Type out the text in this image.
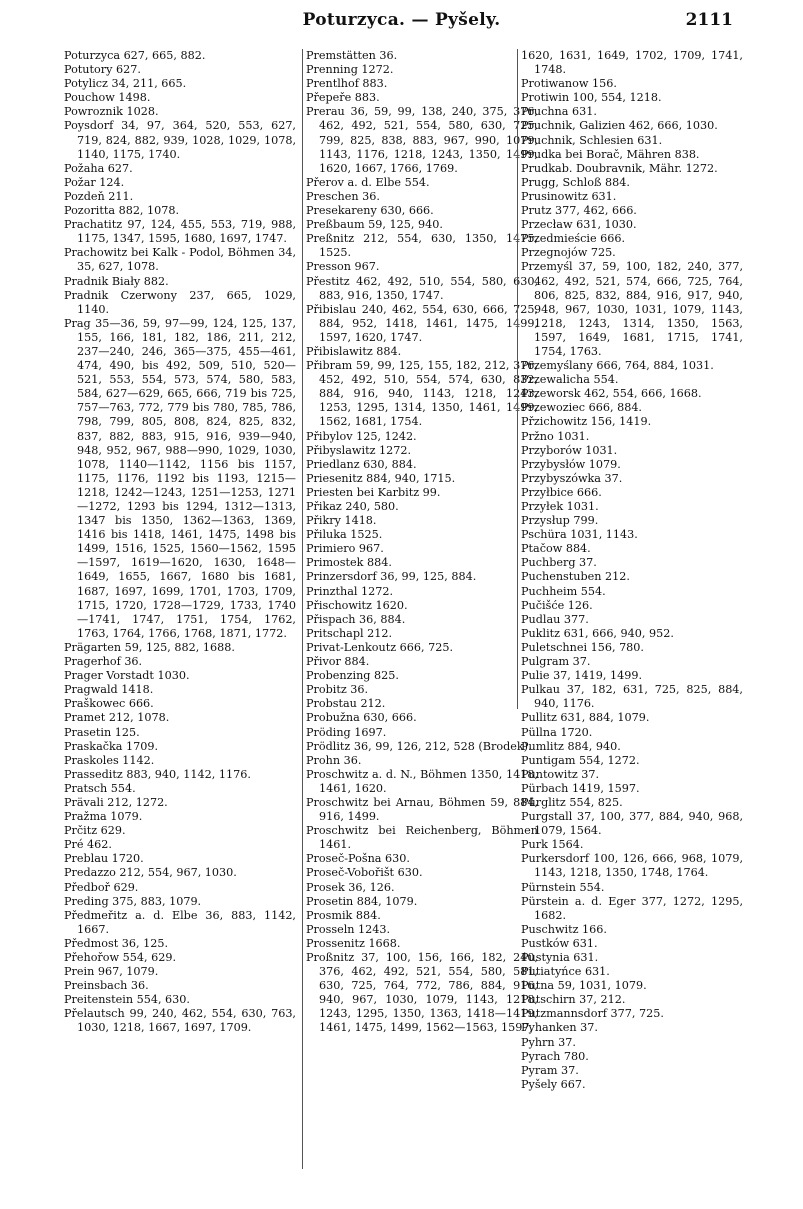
Poturzyca. — Pyšely.	2111

Poturzyca 627, 665, 882.

Potutory 627.

Potylicz 34, 211, 665.

Pouchow 1498.

Powroznik 1028.

Poysdorf 34, 97, 364, 520, 553, 627, 719, 824, 882, 939, 1028, 1029, 1078, 1140, 1175, 1740.

Požaha 627.

Požar 124.

Pozdeň 211.

Pozoritta 882, 1078.

Prachatitz 97, 124, 455, 553, 719, 988, 1175, 1347, 1595, 1680, 1697, 1747.

Prachowitz bei Kalk - Podol, Böhmen 34, 35, 627, 1078.

Pradnik Biały 882.

Pradnik Czerwony 237, 665, 1029, 1140.

Prag 35—36, 59, 97—99, 124, 125, 137, 155, 166, 181, 182, 186, 211, 212, 237—240, 246, 365—375, 455—461, 474, 490, bis 492, 509, 510, 520—521, 553, 554, 573, 574, 580, 583, 584, 627—629, 665, 666, 719 bis 725, 757—763, 772, 779 bis 780, 785, 786, 798, 799, 805, 808, 824, 825, 832, 837, 882, 883, 915, 916, 939—940, 948, 952, 967, 988—990, 1029, 1030, 1078, 1140—1142, 1156 bis 1157, 1175, 1176, 1192 bis 1193, 1215—1218, 1242—1243, 1251—1253, 1271—1272, 1293 bis 1294, 1312—1313, 1347 bis 1350, 1362—1363, 1369, 1416 bis 1418, 1461, 1475, 1498 bis 1499, 1516, 1525, 1560—1562, 1595 —1597, 1619—1620, 1630, 1648—1649, 1655, 1667, 1680 bis 1681, 1687, 1697, 1699, 1701, 1703, 1709, 1715, 1720, 1728—1729, 1733, 1740—1741, 1747, 1751, 1754, 1762, 1763, 1764, 1766, 1768, 1871, 1772.

Prägarten 59, 125, 882, 1688.

Pragerhof 36.

Prager Vorstadt 1030.

Pragwald 1418.

Praškowec 666.

Pramet 212, 1078.

Prasetin 125.

Praskačka 1709.

Praskoles 1142.

Prasseditz 883, 940, 1142, 1176.

Pratsch 554.

Prävali 212, 1272.

Pražma 1079.

Prčitz 629.

Pré 462.

Preblau 1720.

Predazzo 212, 554, 967, 1030.

Předboř 629.

Preding 375, 883, 1079.

Předmeřitz a. d. Elbe 36, 883, 1142, 1667.

Předmost 36, 125.

Přehořow 554, 629.

Prein 967, 1079.

Preinsbach 36.

Preitenstein 554, 630.

Přelautsch 99, 240, 462, 554, 630, 763, 1030, 1218, 1667, 1697, 1709.

Premstätten 36.

Prenning 1272.

Prentlhof 883.

Přepeře 883.

Prerau 36, 59, 99, 138, 240, 375, 376, 462, 492, 521, 554, 580, 630, 725, 799, 825, 838, 883, 967, 990, 1079, 1143, 1176, 1218, 1243, 1350, 1499, 1620, 1667, 1766, 1769.

Přerov a. d. Elbe 554.

Preschen 36.

Presekareny 630, 666.

Preßbaum 59, 125, 940.

Preßnitz 212, 554, 630, 1350, 1475, 1525.

Presson 967.

Přestitz 462, 492, 510, 554, 580, 630, 883, 916, 1350, 1747.

Přibislau 240, 462, 554, 630, 666, 725, 884, 952, 1418, 1461, 1475, 1499, 1597, 1620, 1747.

Přibislawitz 884.

Přibram 59, 99, 125, 155, 182, 212, 376, 452, 492, 510, 554, 574, 630, 832, 884, 916, 940, 1143, 1218, 1243, 1253, 1295, 1314, 1350, 1461, 1499, 1562, 1681, 1754.

Přibylov 125, 1242.

Přibyslawitz 1272.

Priedlanz 630, 884.

Priesenitz 884, 940, 1715.

Priesten bei Karbitz 99.

Přikaz 240, 580.

Přikry 1418.

Přiluka 1525.

Primiero 967.

Primostek 884.

Prinzersdorf 36, 99, 125, 884.

Prinzthal 1272.

Přischowitz 1620.

Přispach 36, 884.

Pritschapl 212.

Privat-Lenkoutz 666, 725.

Přivor 884.

Probenzing 825.

Probitz 36.

Probstau 212.

Probužna 630, 666.

Pröding 1697.

Prödlitz 36, 99, 126, 212, 528 (Brodek).

Prohn 36.

Proschwitz a. d. N., Böhmen 1350, 1418, 1461, 1620.

Proschwitz bei Arnau, Böhmen 59, 884, 916, 1499.

Proschwitz bei Reichenberg, Böhmen 1461.

Proseč-Pošna 630.

Proseč-Vobořišt 630.

Prosek 36, 126.

Prosetin 884, 1079.

Prosmik 884.

Prosseln 1243.

Prossenitz 1668.

Proßnitz 37, 100, 156, 166, 182, 240, 376, 462, 492, 521, 554, 580, 581, 630, 725, 764, 772, 786, 884, 916, 940, 967, 1030, 1079, 1143, 1218, 1243, 1295, 1350, 1363, 1418—1419, 1461, 1475, 1499, 1562—1563, 1597,

1620, 1631, 1649, 1702, 1709, 1741, 1748.

Protiwanow 156.

Protiwin 100, 554, 1218.

Pruchna 631.

Pruchnik, Galizien 462, 666, 1030.

Pruchnik, Schlesien 631.

Prudka bei Borač, Mähren 838.

Prudkab. Doubravnik, Mähr. 1272.

Prugg, Schloß 884.

Prusinowitz 631.

Prutz 377, 462, 666.

Przecław 631, 1030.

Przedmieście 666.

Przegnojów 725.

Przemyśl 37, 59, 100, 182, 240, 377, 462, 492, 521, 574, 666, 725, 764, 806, 825, 832, 884, 916, 917, 940, 948, 967, 1030, 1031, 1079, 1143, 1218, 1243, 1314, 1350, 1563, 1597, 1649, 1681, 1715, 1741, 1754, 1763.

Przemyślany 666, 764, 884, 1031.

Przewalicha 554.

Przeworsk 462, 554, 666, 1668.

Przewoziec 666, 884.

Přzichowitz 156, 1419.

Pržno 1031.

Przyborów 1031.

Przybysłów 1079.

Przybyszówka 37.

Przyłbice 666.

Przyłek 1031.

Przysłup 799.

Pschüra 1031, 1143.

Ptačow 884.

Puchberg 37.

Puchenstuben 212.

Puchheim 554.

Pučišće 126.

Pudlau 377.

Puklitz 631, 666, 940, 952.

Puletschnei 156, 780.

Pulgram 37.

Pulie 37, 1419, 1499.

Pulkau 37, 182, 631, 725, 825, 884, 940, 1176.

Pullitz 631, 884, 1079.

Püllna 1720.

Pumlitz 884, 940.

Puntigam 554, 1272.

Puntowitz 37.

Pürbach 1419, 1597.

Pürglitz 554, 825.

Purgstall 37, 100, 377, 884, 940, 968, 1079, 1564.

Purk 1564.

Purkersdorf 100, 126, 666, 968, 1079, 1143, 1218, 1350, 1748, 1764.

Pürnstein 554.

Pürstein a. d. Eger 377, 1272, 1295, 1682.

Puschwitz 166.

Pustków 631.

Pustynia 631.

Putiatyńce 631.

Putna 59, 1031, 1079.

Putschirn 37, 212.

Putzmannsdorf 377, 725.

Pyhanken 37.

Pyhrn 37.

Pyrach 780.

Pyram 37.

Pyšely 667.
